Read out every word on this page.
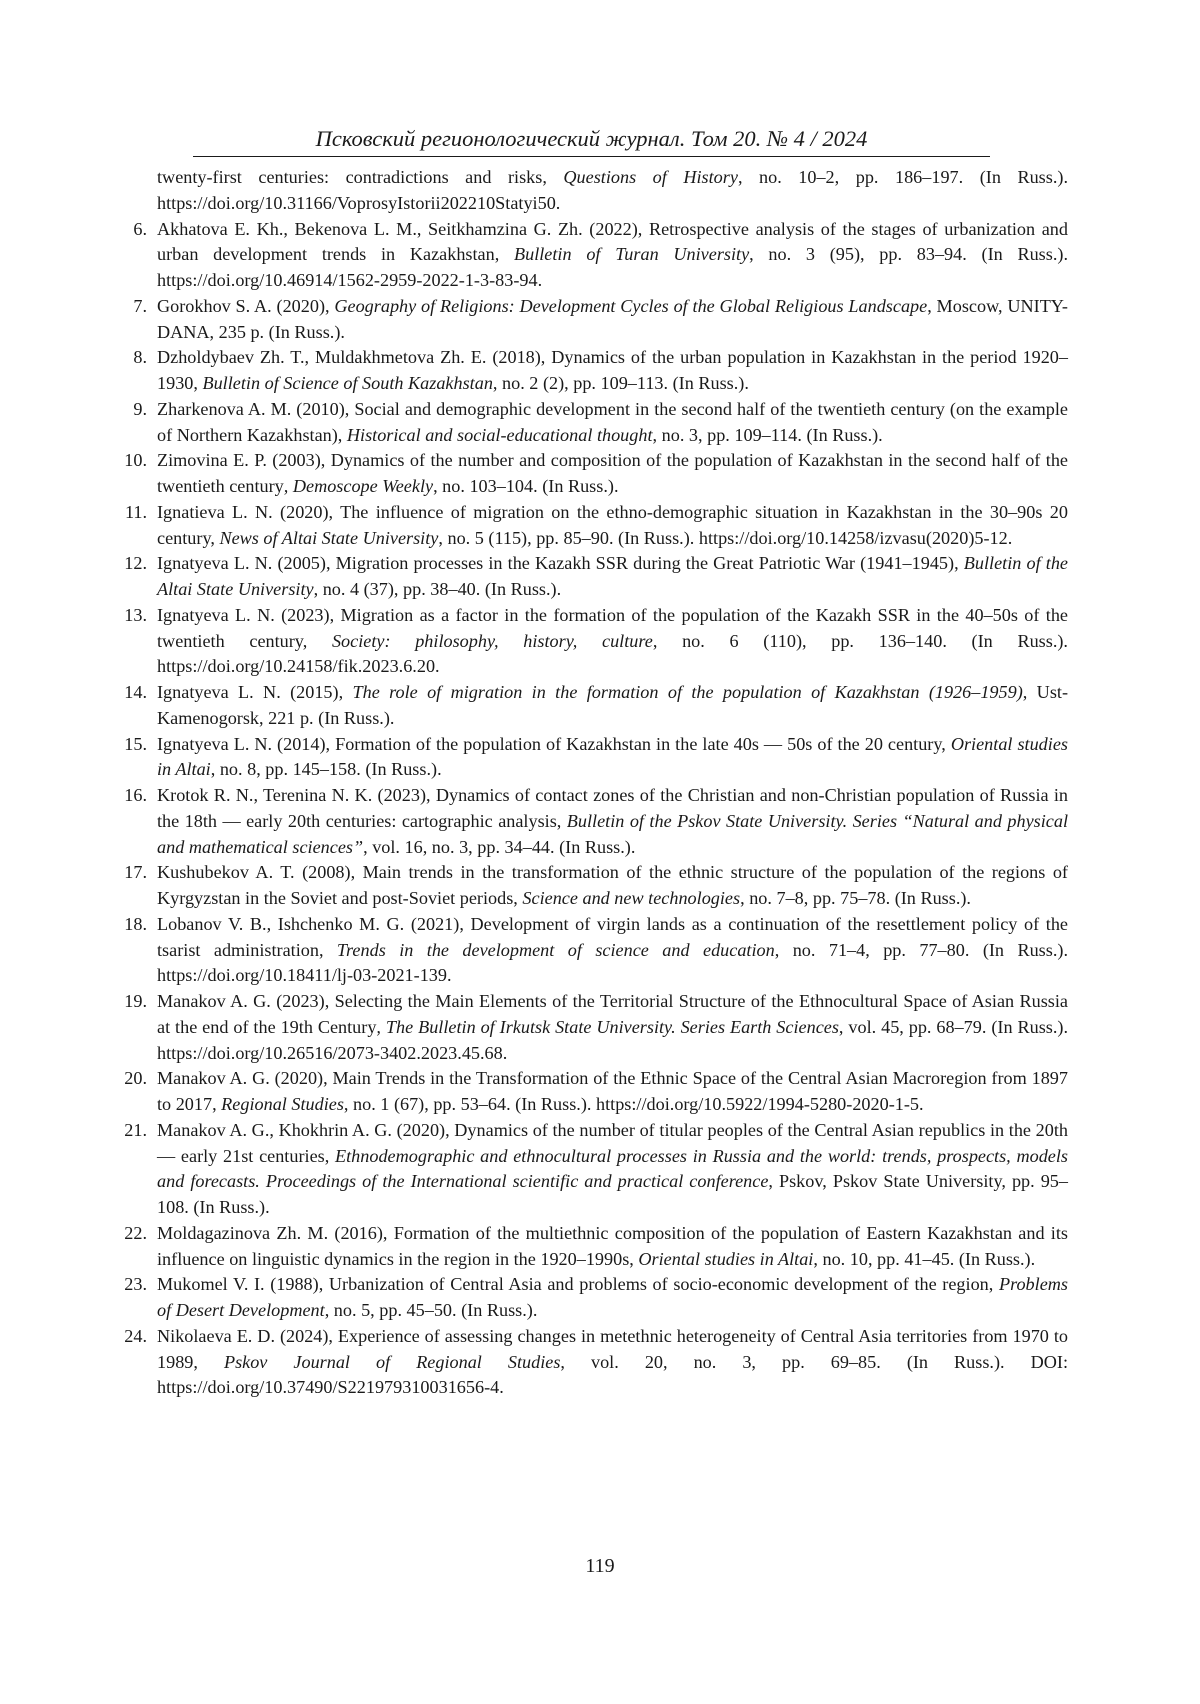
Псковский регионологический журнал. Том 20. № 4 / 2024
twenty-first centuries: contradictions and risks, Questions of History, no. 10–2, pp. 186–197. (In Russ.). https://doi.org/10.31166/VoprosyIstorii202210Statyi50.
6. Akhatova E. Kh., Bekenova L. M., Seitkhamzina G. Zh. (2022), Retrospective analysis of the stages of urbanization and urban development trends in Kazakhstan, Bulletin of Turan University, no. 3 (95), pp. 83–94. (In Russ.). https://doi.org/10.46914/1562-2959-2022-1-3-83-94.
7. Gorokhov S. A. (2020), Geography of Religions: Development Cycles of the Global Religious Landscape, Moscow, UNITY-DANA, 235 p. (In Russ.).
8. Dzholdybaev Zh. T., Muldakhmetova Zh. E. (2018), Dynamics of the urban population in Kazakhstan in the period 1920–1930, Bulletin of Science of South Kazakhstan, no. 2 (2), pp. 109–113. (In Russ.).
9. Zharkenova A. M. (2010), Social and demographic development in the second half of the twentieth century (on the example of Northern Kazakhstan), Historical and social-educational thought, no. 3, pp. 109–114. (In Russ.).
10. Zimovina E. P. (2003), Dynamics of the number and composition of the population of Kazakhstan in the second half of the twentieth century, Demoscope Weekly, no. 103–104. (In Russ.).
11. Ignatieva L. N. (2020), The influence of migration on the ethno-demographic situation in Kazakhstan in the 30–90s 20 century, News of Altai State University, no. 5 (115), pp. 85–90. (In Russ.). https://doi.org/10.14258/izvasu(2020)5-12.
12. Ignatyeva L. N. (2005), Migration processes in the Kazakh SSR during the Great Patriotic War (1941–1945), Bulletin of the Altai State University, no. 4 (37), pp. 38–40. (In Russ.).
13. Ignatyeva L. N. (2023), Migration as a factor in the formation of the population of the Kazakh SSR in the 40–50s of the twentieth century, Society: philosophy, history, culture, no. 6 (110), pp. 136–140. (In Russ.). https://doi.org/10.24158/fik.2023.6.20.
14. Ignatyeva L. N. (2015), The role of migration in the formation of the population of Kazakhstan (1926–1959), Ust-Kamenogorsk, 221 p. (In Russ.).
15. Ignatyeva L. N. (2014), Formation of the population of Kazakhstan in the late 40s — 50s of the 20 century, Oriental studies in Altai, no. 8, pp. 145–158. (In Russ.).
16. Krotok R. N., Terenina N. K. (2023), Dynamics of contact zones of the Christian and non-Christian population of Russia in the 18th — early 20th centuries: cartographic analysis, Bulletin of the Pskov State University. Series “Natural and physical and mathematical sciences”, vol. 16, no. 3, pp. 34–44. (In Russ.).
17. Kushubekov A. T. (2008), Main trends in the transformation of the ethnic structure of the population of the regions of Kyrgyzstan in the Soviet and post-Soviet periods, Science and new technologies, no. 7–8, pp. 75–78. (In Russ.).
18. Lobanov V. B., Ishchenko M. G. (2021), Development of virgin lands as a continuation of the resettlement policy of the tsarist administration, Trends in the development of science and education, no. 71–4, pp. 77–80. (In Russ.). https://doi.org/10.18411/lj-03-2021-139.
19. Manakov A. G. (2023), Selecting the Main Elements of the Territorial Structure of the Ethnocultural Space of Asian Russia at the end of the 19th Century, The Bulletin of Irkutsk State University. Series Earth Sciences, vol. 45, pp. 68–79. (In Russ.). https://doi.org/10.26516/2073-3402.2023.45.68.
20. Manakov A. G. (2020), Main Trends in the Transformation of the Ethnic Space of the Central Asian Macroregion from 1897 to 2017, Regional Studies, no. 1 (67), pp. 53–64. (In Russ.). https://doi.org/10.5922/1994-5280-2020-1-5.
21. Manakov A. G., Khokhrin A. G. (2020), Dynamics of the number of titular peoples of the Central Asian republics in the 20th — early 21st centuries, Ethnodemographic and ethnocultural processes in Russia and the world: trends, prospects, models and forecasts. Proceedings of the International scientific and practical conference, Pskov, Pskov State University, pp. 95–108. (In Russ.).
22. Moldagazinova Zh. M. (2016), Formation of the multiethnic composition of the population of Eastern Kazakhstan and its influence on linguistic dynamics in the region in the 1920–1990s, Oriental studies in Altai, no. 10, pp. 41–45. (In Russ.).
23. Mukomel V. I. (1988), Urbanization of Central Asia and problems of socio-economic development of the region, Problems of Desert Development, no. 5, pp. 45–50. (In Russ.).
24. Nikolaeva E. D. (2024), Experience of assessing changes in metethnic heterogeneity of Central Asia territories from 1970 to 1989, Pskov Journal of Regional Studies, vol. 20, no. 3, pp. 69–85. (In Russ.). DOI: https://doi.org/10.37490/S221979310031656-4.
119
